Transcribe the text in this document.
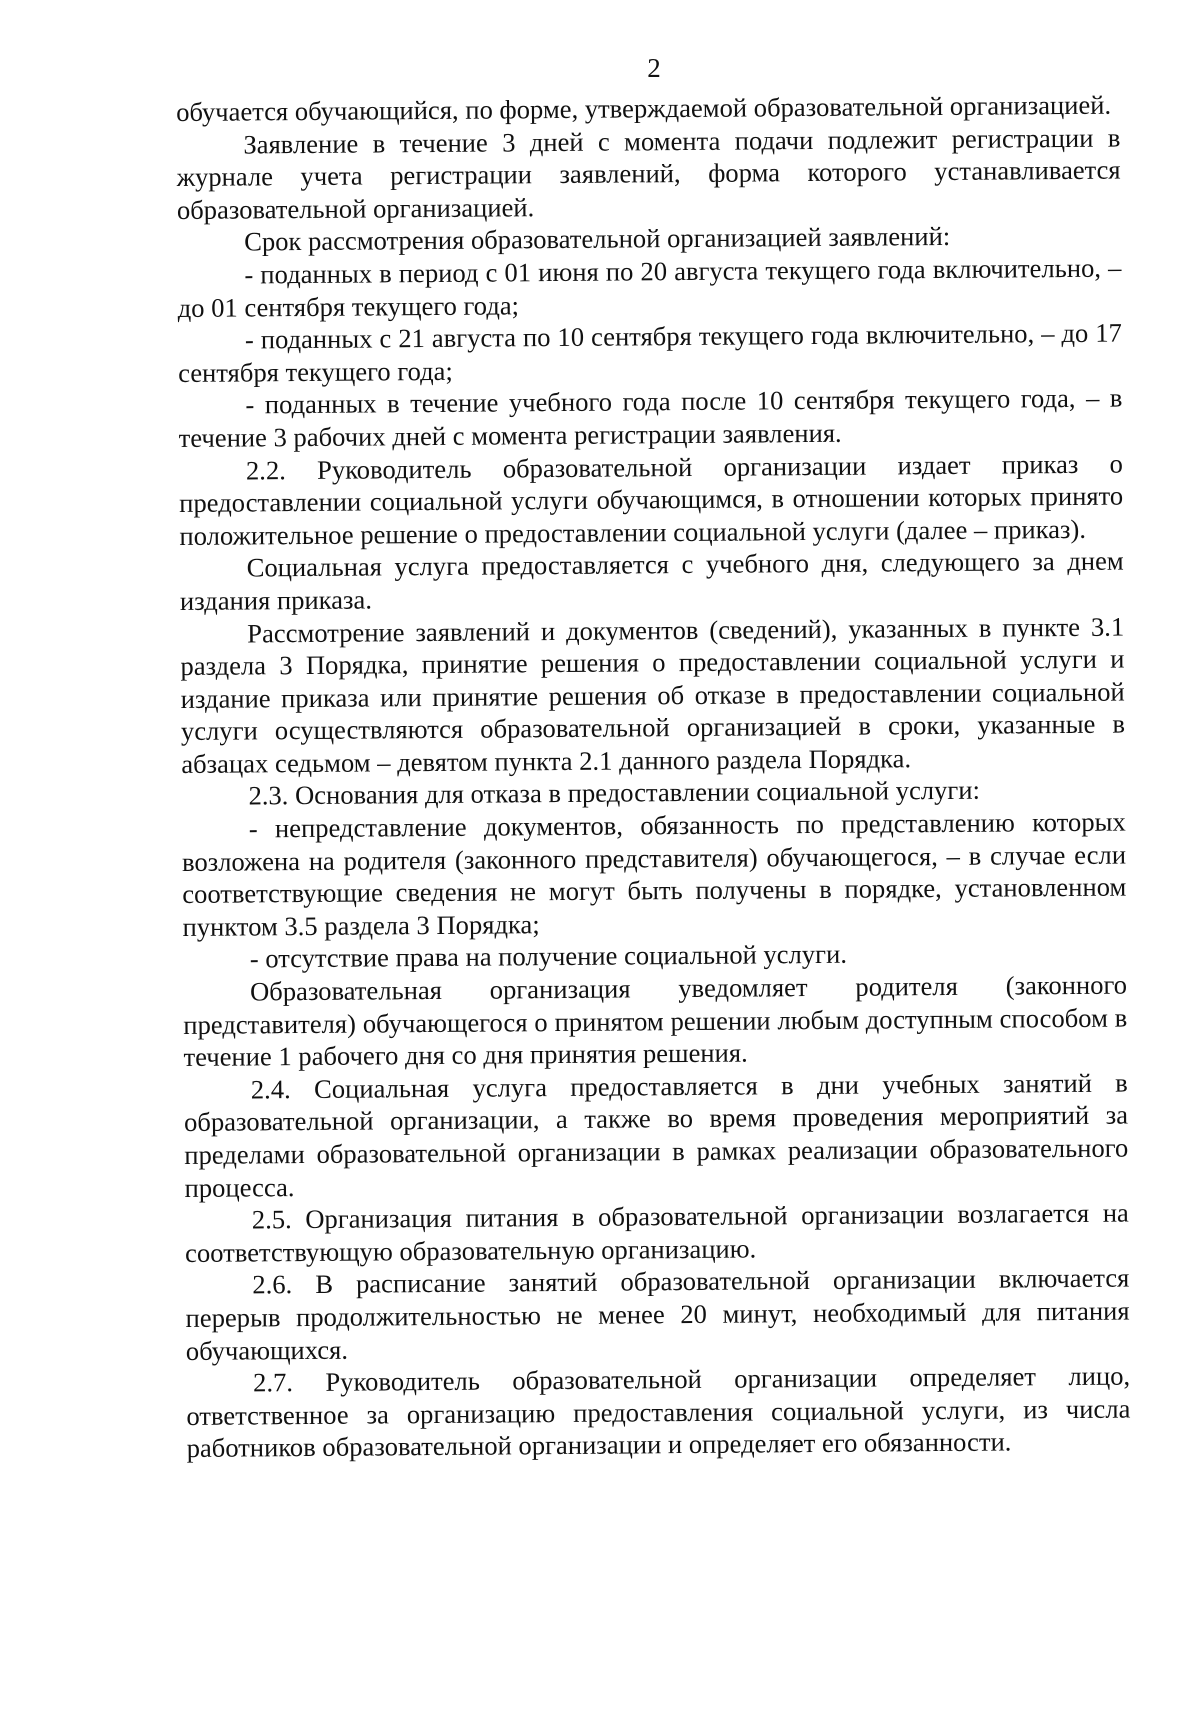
2

обучается обучающийся, по форме, утверждаемой образовательной организацией.

Заявление в течение 3 дней с момента подачи подлежит регистрации в журнале учета регистрации заявлений, форма которого устанавливается образовательной организацией.

Срок рассмотрения образовательной организацией заявлений:

- поданных в период с 01 июня по 20 августа текущего года включительно, – до 01 сентября текущего года;

- поданных с 21 августа по 10 сентября текущего года включительно, – до 17 сентября текущего года;

- поданных в течение учебного года после 10 сентября текущего года, – в течение 3 рабочих дней с момента регистрации заявления.

2.2. Руководитель образовательной организации издает приказ о предоставлении социальной услуги обучающимся, в отношении которых принято положительное решение о предоставлении социальной услуги (далее – приказ).

Социальная услуга предоставляется с учебного дня, следующего за днем издания приказа.

Рассмотрение заявлений и документов (сведений), указанных в пункте 3.1 раздела 3 Порядка, принятие решения о предоставлении социальной услуги и издание приказа или принятие решения об отказе в предоставлении социальной услуги осуществляются образовательной организацией в сроки, указанные в абзацах седьмом – девятом пункта 2.1 данного раздела Порядка.

2.3. Основания для отказа в предоставлении социальной услуги:

- непредставление документов, обязанность по представлению которых возложена на родителя (законного представителя) обучающегося, – в случае если соответствующие сведения не могут быть получены в порядке, установленном пунктом 3.5 раздела 3 Порядка;

- отсутствие права на получение социальной услуги.

Образовательная организация уведомляет родителя (законного представителя) обучающегося о принятом решении любым доступным способом в течение 1 рабочего дня со дня принятия решения.

2.4. Социальная услуга предоставляется в дни учебных занятий в образовательной организации, а также во время проведения мероприятий за пределами образовательной организации в рамках реализации образовательного процесса.

2.5. Организация питания в образовательной организации возлагается на соответствующую образовательную организацию.

2.6. В расписание занятий образовательной организации включается перерыв продолжительностью не менее 20 минут, необходимый для питания обучающихся.

2.7. Руководитель образовательной организации определяет лицо, ответственное за организацию предоставления социальной услуги, из числа работников образовательной организации и определяет его обязанности.
